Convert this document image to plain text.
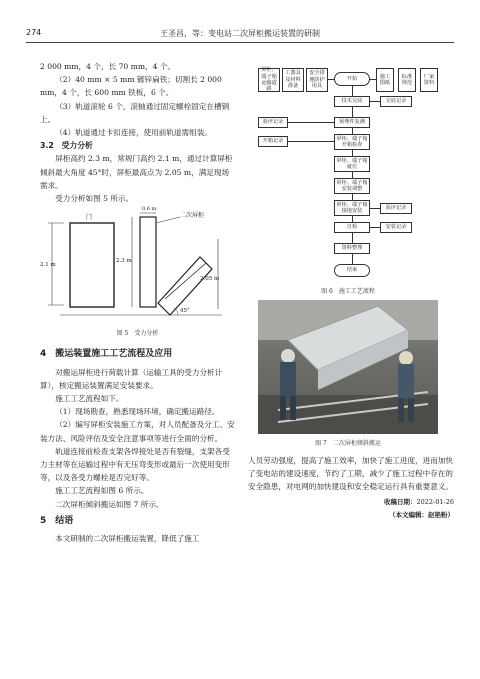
274	王圣昌，等：变电站二次屏柜搬运装置的研制

2 000 mm，4 个，长 70 mm，4 个。

（2）40 mm × 5 mm 镀锌扁铁；切割长 2 000 mm，4 个，长 600 mm 铁板，6 个。

（3）轨道滚轮 6 个，滚轴通过固定螺栓固定在槽钢上。

（4）轨道通过卡扣连接，使用前轨道需组装。

3.2　受力分析

屏柜高约 2.3 m，常规门高约 2.1 m，通过计算屏柜倾斜最大角度 45°时，屏柜最高点为 2.05 m，满足现场需求。

受力分析如图 5 所示。

门	二次屏柜
0.6 m
2.1 m
2.3 m
2.05 m
45°

图 5　受力分析

4　搬运装置施工工艺流程及应用

对搬运屏柜进行荷载计算（运输工具的受力分析计算），核定搬运装置满足安装要求。

施工工艺流程如下。

（1）现场勘查，熟悉现场环境，确定搬运路径。

（2）编写屏柜安装施工方案，对人员配备及分工、安装方法、风险评估及安全注意事项等进行全面的分析。

轨道连接前检查支架各焊接处是否有裂缝，支架各受力主材等在运输过程中有无压弯变形或最后一次使用变形等，以及各受力螺栓是否完好等。

施工工艺流程如图 6 所示。

二次屏柜倾斜搬运如图 7 所示。

5　结语

本文研制的二次屏柜搬运装置，降低了施工

屏柜、端子箱运输道路
工器具及材料准备
安全措施防护用具
开始	施工图纸
标准规范
厂家资料
技术交底	交底记录
验评记录	预埋件复测
开箱记录	屏柜、端子箱开箱检查
屏柜、端子箱就位
屏柜、端子箱安装调整
屏柜、端子箱接地安装	验评记录
自检	安装记录
资料整理
结束
图 6　施工工艺流程
图 7　二次屏柜倾斜搬运

人员劳动强度，提高了施工效率，加快了施工进度，进而加快了变电站的建设速度，节约了工期，减少了施工过程中存在的安全隐患，对电网的加快建设和安全稳定运行具有重要意义。

收稿日期：2022-01-26

（本文编辑：赵艳粉）
